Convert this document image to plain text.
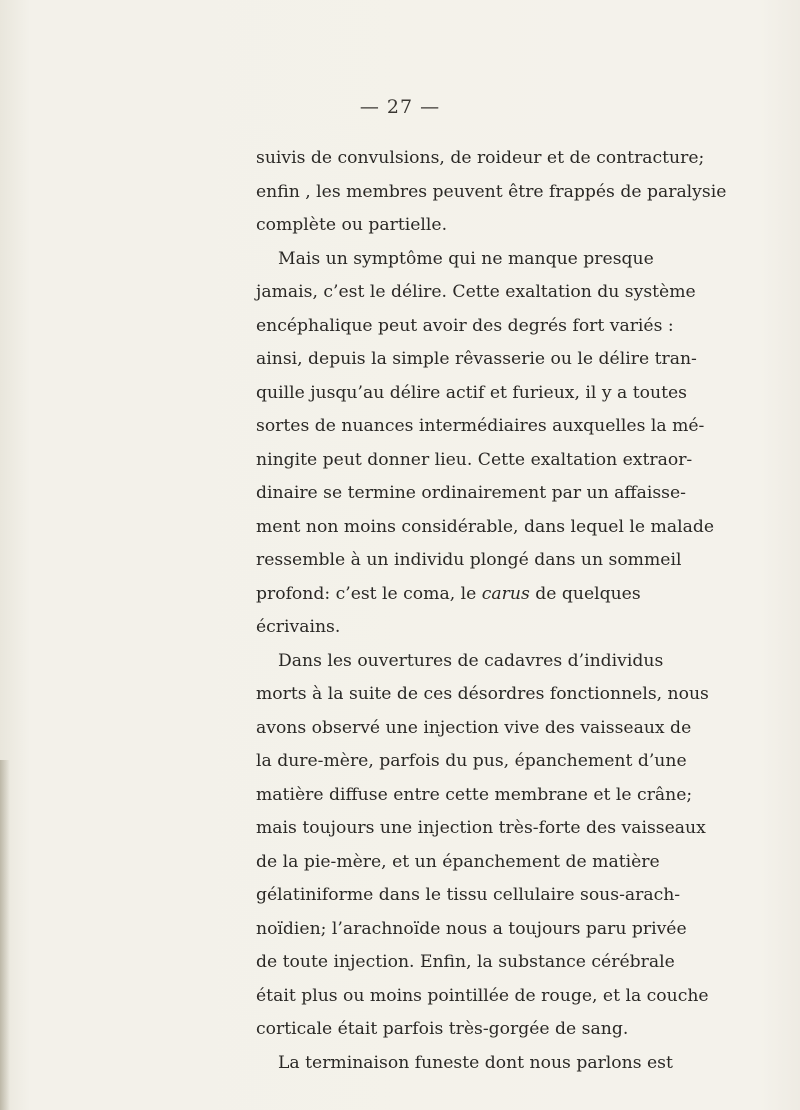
— 27 —
suivis de convulsions, de roideur et de contracture;
enfin , les membres peuvent être frappés de paralysie
complète ou partielle.
Mais un symptôme qui ne manque presque
jamais, c’est le délire. Cette exaltation du système
encéphalique peut avoir des degrés fort variés :
ainsi, depuis la simple rêvasserie ou le délire tran-
quille jusqu’au délire actif et furieux, il y a toutes
sortes de nuances intermédiaires auxquelles la mé-
ningite peut donner lieu. Cette exaltation extraor-
dinaire se termine ordinairement par un affaisse-
ment non moins considérable, dans lequel le malade
ressemble à un individu plongé dans un sommeil
profond: c’est le coma, le carus de quelques
écrivains.
Dans les ouvertures de cadavres d’individus
morts à la suite de ces désordres fonctionnels, nous
avons observé une injection vive des vaisseaux de
la dure-mère, parfois du pus, épanchement d’une
matière diffuse entre cette membrane et le crâne;
mais toujours une injection très-forte des vaisseaux
de la pie-mère, et un épanchement de matière
gélatiniforme dans le tissu cellulaire sous-arach-
noïdien; l’arachnoïde nous a toujours paru privée
de toute injection. Enfin, la substance cérébrale
était plus ou moins pointillée de rouge, et la couche
corticale était parfois très-gorgée de sang.
La terminaison funeste dont nous parlons est
